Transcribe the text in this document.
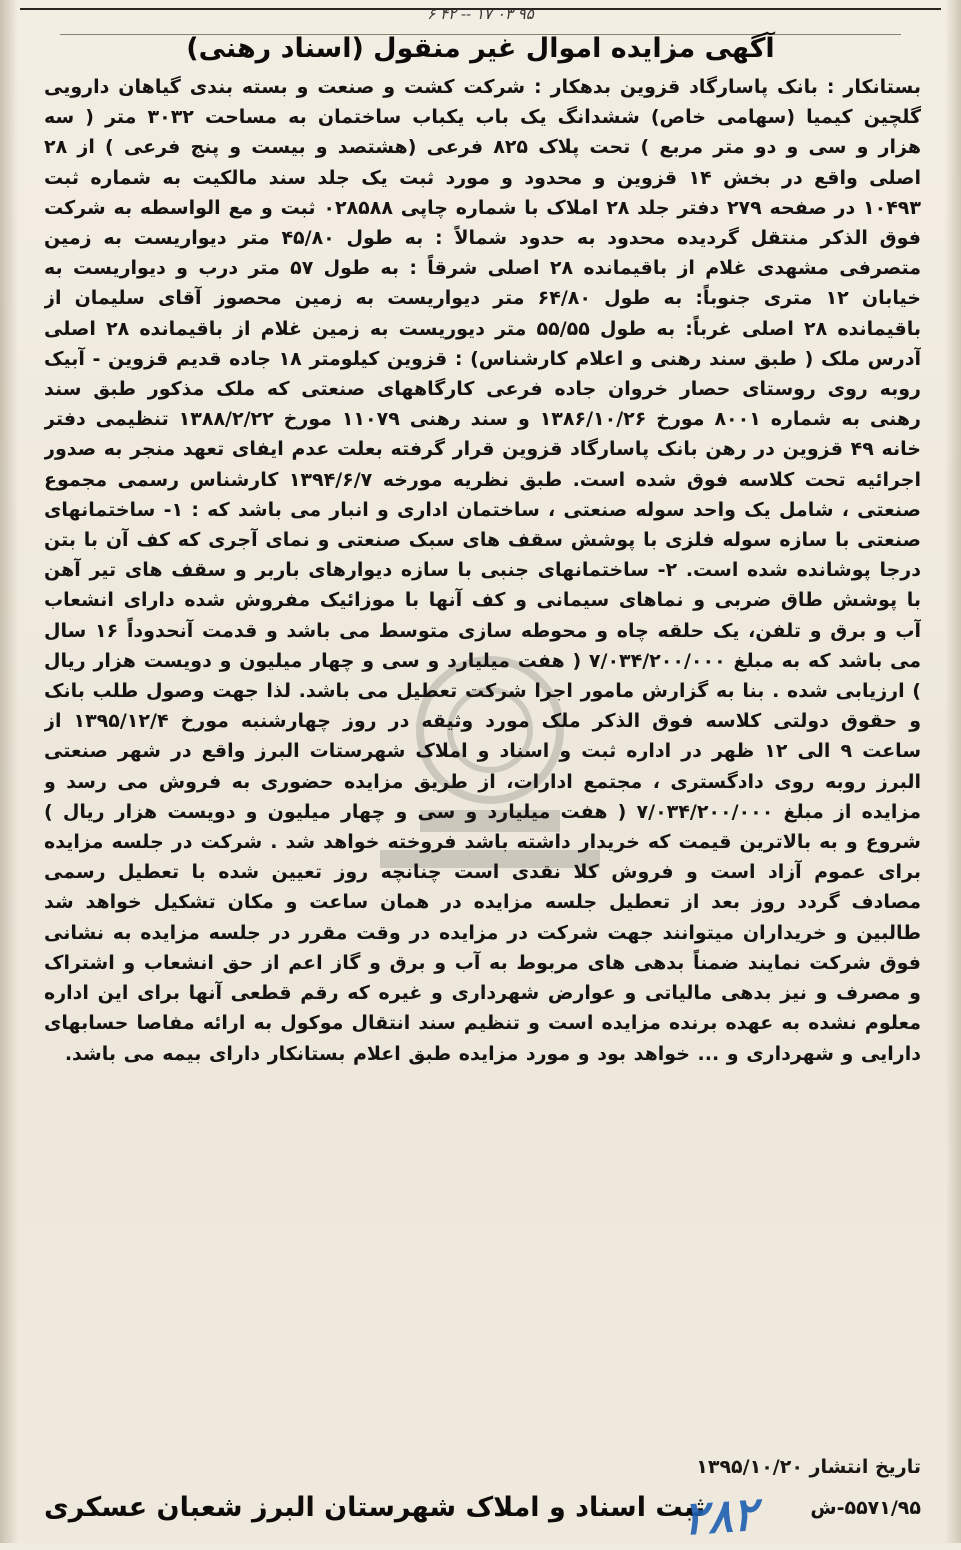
۹۵ ۰۳ ۱۷ -- ۴۲ ۶
آگهی مزایده اموال غیر منقول (اسناد رهنی)
بستانکار : بانک پاسارگاد قزوین بدهکار : شرکت کشت و صنعت و بسته بندی گیاهان دارویی گلچین کیمیا (سهامی خاص) ششدانگ یک باب یکباب ساختمان به مساحت ۳۰۳۲ متر ( سه هزار و سی و دو متر مربع ) تحت پلاک ۸۲۵ فرعی (هشتصد و بیست و پنج فرعی ) از ۲۸ اصلی واقع در بخش ۱۴ قزوین و محدود و مورد ثبت یک جلد سند مالکیت به شماره ثبت ۱۰۴۹۳ در صفحه ۲۷۹ دفتر جلد ۲۸ املاک با شماره چاپی ۰۲۸۵۸۸ ثبت و مع الواسطه به شرکت فوق الذکر منتقل گردیده محدود به حدود شمالاً : به طول ۴۵/۸۰ متر دیواریست به زمین متصرفی مشهدی غلام از باقیمانده ۲۸ اصلی شرقاً : به طول ۵۷ متر درب و دیواریست به خیابان ۱۲ متری جنوباً: به طول ۶۴/۸۰ متر دیواریست به زمین محصوز آقای سلیمان از باقیمانده ۲۸ اصلی غرباً: به طول ۵۵/۵۵ متر دیوریست به زمین غلام از باقیمانده ۲۸ اصلی آدرس ملک ( طبق سند رهنی و اعلام کارشناس) : قزوین کیلومتر ۱۸ جاده قدیم قزوین - آبیک روبه روی روستای حصار خروان جاده فرعی کارگاههای صنعتی که ملک مذکور طبق سند رهنی به شماره ۸۰۰۱ مورخ ۱۳۸۶/۱۰/۲۶ و سند رهنی ۱۱۰۷۹ مورخ ۱۳۸۸/۲/۲۲ تنظیمی دفتر خانه ۴۹ قزوین در رهن بانک پاسارگاد قزوین قرار گرفته بعلت عدم ایفای تعهد منجر به صدور اجرائیه تحت کلاسه فوق شده است. طبق نظریه مورخه ۱۳۹۴/۶/۷ کارشناس رسمی مجموع صنعتی ، شامل یک واحد سوله صنعتی ، ساختمان اداری و انبار می باشد که : ۱- ساختمانهای صنعتی با سازه سوله فلزی با پوشش سقف های سبک صنعتی و نمای آجری که کف آن با بتن درجا پوشانده شده است. ۲- ساختمانهای جنبی با سازه دیوارهای باربر و سقف های تیر آهن با پوشش طاق ضربی و نماهای سیمانی و کف آنها با موزائیک مفروش شده دارای انشعاب آب و برق و تلفن، یک حلقه چاه و محوطه سازی متوسط می باشد و قدمت آنحدوداً ۱۶ سال می باشد که به مبلغ ۷/۰۳۴/۲۰۰/۰۰۰ ( هفت میلیارد و سی و چهار میلیون و دویست هزار ریال ) ارزیابی شده . بنا به گزارش مامور اجرا شرکت تعطیل می باشد. لذا جهت وصول طلب بانک و حقوق دولتی کلاسه فوق الذکر ملک مورد وثیقه در روز چهارشنبه مورخ ۱۳۹۵/۱۲/۴ از ساعت ۹ الی ۱۲ ظهر در اداره ثبت و اسناد و املاک شهرستات البرز واقع در شهر صنعتی البرز روبه روی دادگستری ، مجتمع ادارات، از طریق مزایده حضوری به فروش می رسد و مزایده از مبلغ ۷/۰۳۴/۲۰۰/۰۰۰ ( هفت میلیارد و سی و چهار میلیون و دویست هزار ریال ) شروع و به بالاترین قیمت که خریدار داشته باشد فروخته خواهد شد . شرکت در جلسه مزایده برای عموم آزاد است و فروش کلا نقدی است چنانچه روز تعیین شده با تعطیل رسمی مصادف گردد روز بعد از تعطیل جلسه مزایده در همان ساعت و مکان تشکیل خواهد شد طالبین و خریداران میتوانند جهت شرکت در مزایده در وقت مقرر در جلسه مزایده به نشانی فوق شرکت نمایند ضمناً بدهی های مربوط به آب و برق و گاز اعم از حق انشعاب و اشتراک و مصرف و نیز بدهی مالیاتی و عوارض شهرداری و غیره که رقم قطعی آنها برای این اداره معلوم نشده به عهده برنده مزایده است و تنظیم سند انتقال موکول به ارائه مفاصا حسابهای دارایی و شهرداری و ... خواهد بود و مورد مزایده طبق اعلام بستانکار دارای بیمه می باشد.
تاریخ انتشار ۱۳۹۵/۱۰/۲۰
ثبت اسناد و املاک شهرستان البرز شعبان عسکری	۵۵۷۱/۹۵-ش
۲۸۲
